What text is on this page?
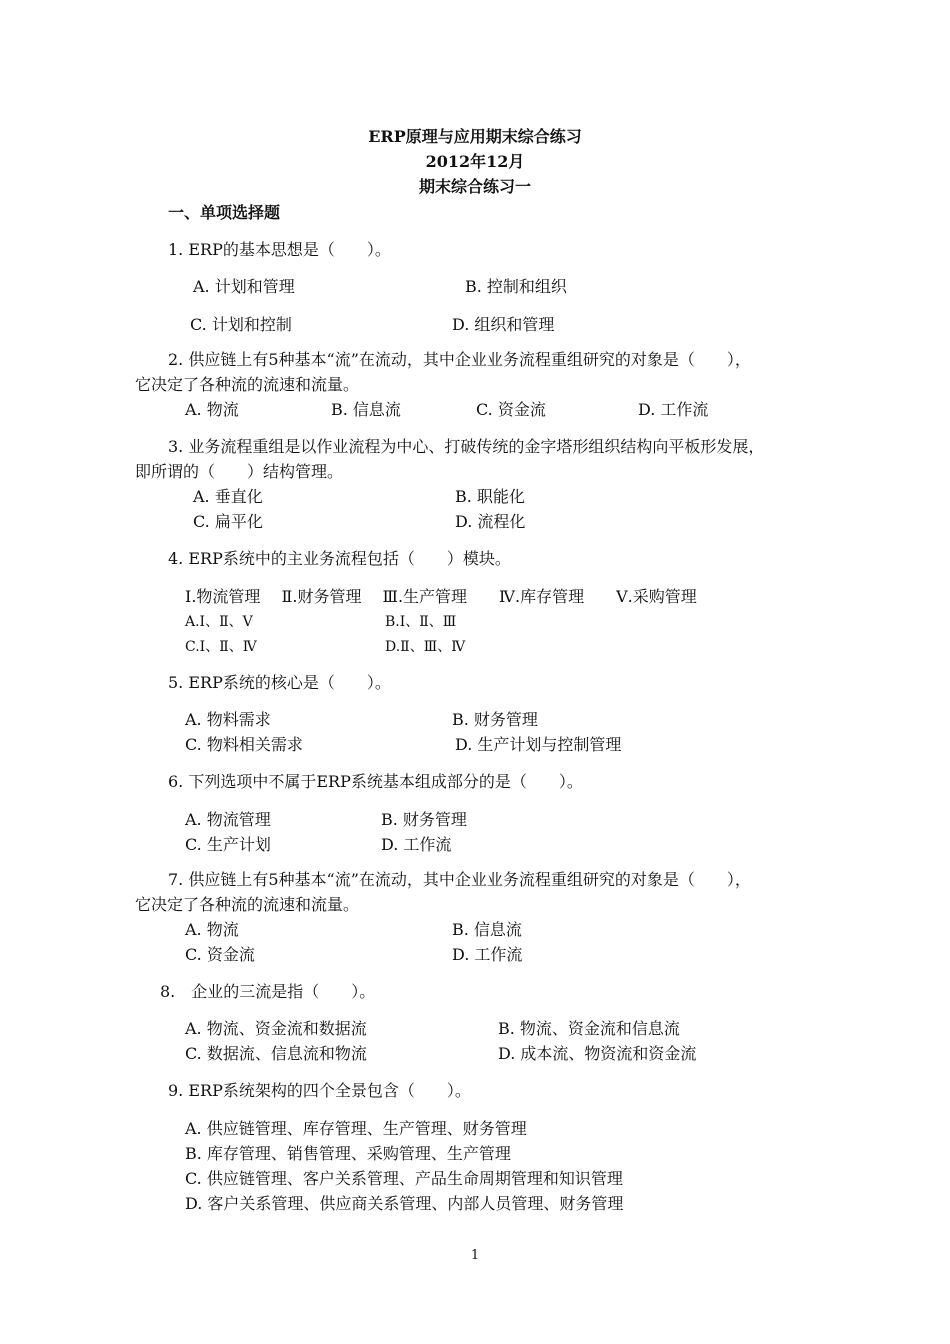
ERP原理与应用期末综合练习
2012年12月
期末综合练习一
一、单项选择题
1. ERP的基本思想是（　　）。
A. 计划和管理	B. 控制和组织
C. 计划和控制	D. 组织和管理
2. 供应链上有5种基本“流”在流动，其中企业业务流程重组研究的对象是（　　），
它决定了各种流的流速和流量。
A. 物流	B. 信息流	C. 资金流	D. 工作流
3. 业务流程重组是以作业流程为中心、打破传统的金字塔形组织结构向平板形发展，
即所谓的（　　）结构管理。
A. 垂直化	B. 职能化
C. 扁平化	D. 流程化
4. ERP系统中的主业务流程包括（　　）模块。
Ⅰ.物流管理　 Ⅱ.财务管理　 Ⅲ.生产管理　　Ⅳ.库存管理　　Ⅴ.采购管理
A.Ⅰ、Ⅱ、Ⅴ	B.Ⅰ、Ⅱ、Ⅲ
C.Ⅰ、Ⅱ、Ⅳ	D.Ⅱ、Ⅲ、Ⅳ
5. ERP系统的核心是（　　）。
A. 物料需求	B. 财务管理
C. 物料相关需求	D. 生产计划与控制管理
6. 下列选项中不属于ERP系统基本组成部分的是（　　）。
A. 物流管理	B. 财务管理
C. 生产计划	D. 工作流
7. 供应链上有5种基本“流”在流动，其中企业业务流程重组研究的对象是（　　），
它决定了各种流的流速和流量。
A. 物流	B. 信息流
C. 资金流	D. 工作流
8.　企业的三流是指（　　）。
A. 物流、资金流和数据流	B. 物流、资金流和信息流
C. 数据流、信息流和物流	D. 成本流、物资流和资金流
9. ERP系统架构的四个全景包含（　　）。
A. 供应链管理、库存管理、生产管理、财务管理
B. 库存管理、销售管理、采购管理、生产管理
C. 供应链管理、客户关系管理、产品生命周期管理和知识管理
D. 客户关系管理、供应商关系管理、内部人员管理、财务管理
1
